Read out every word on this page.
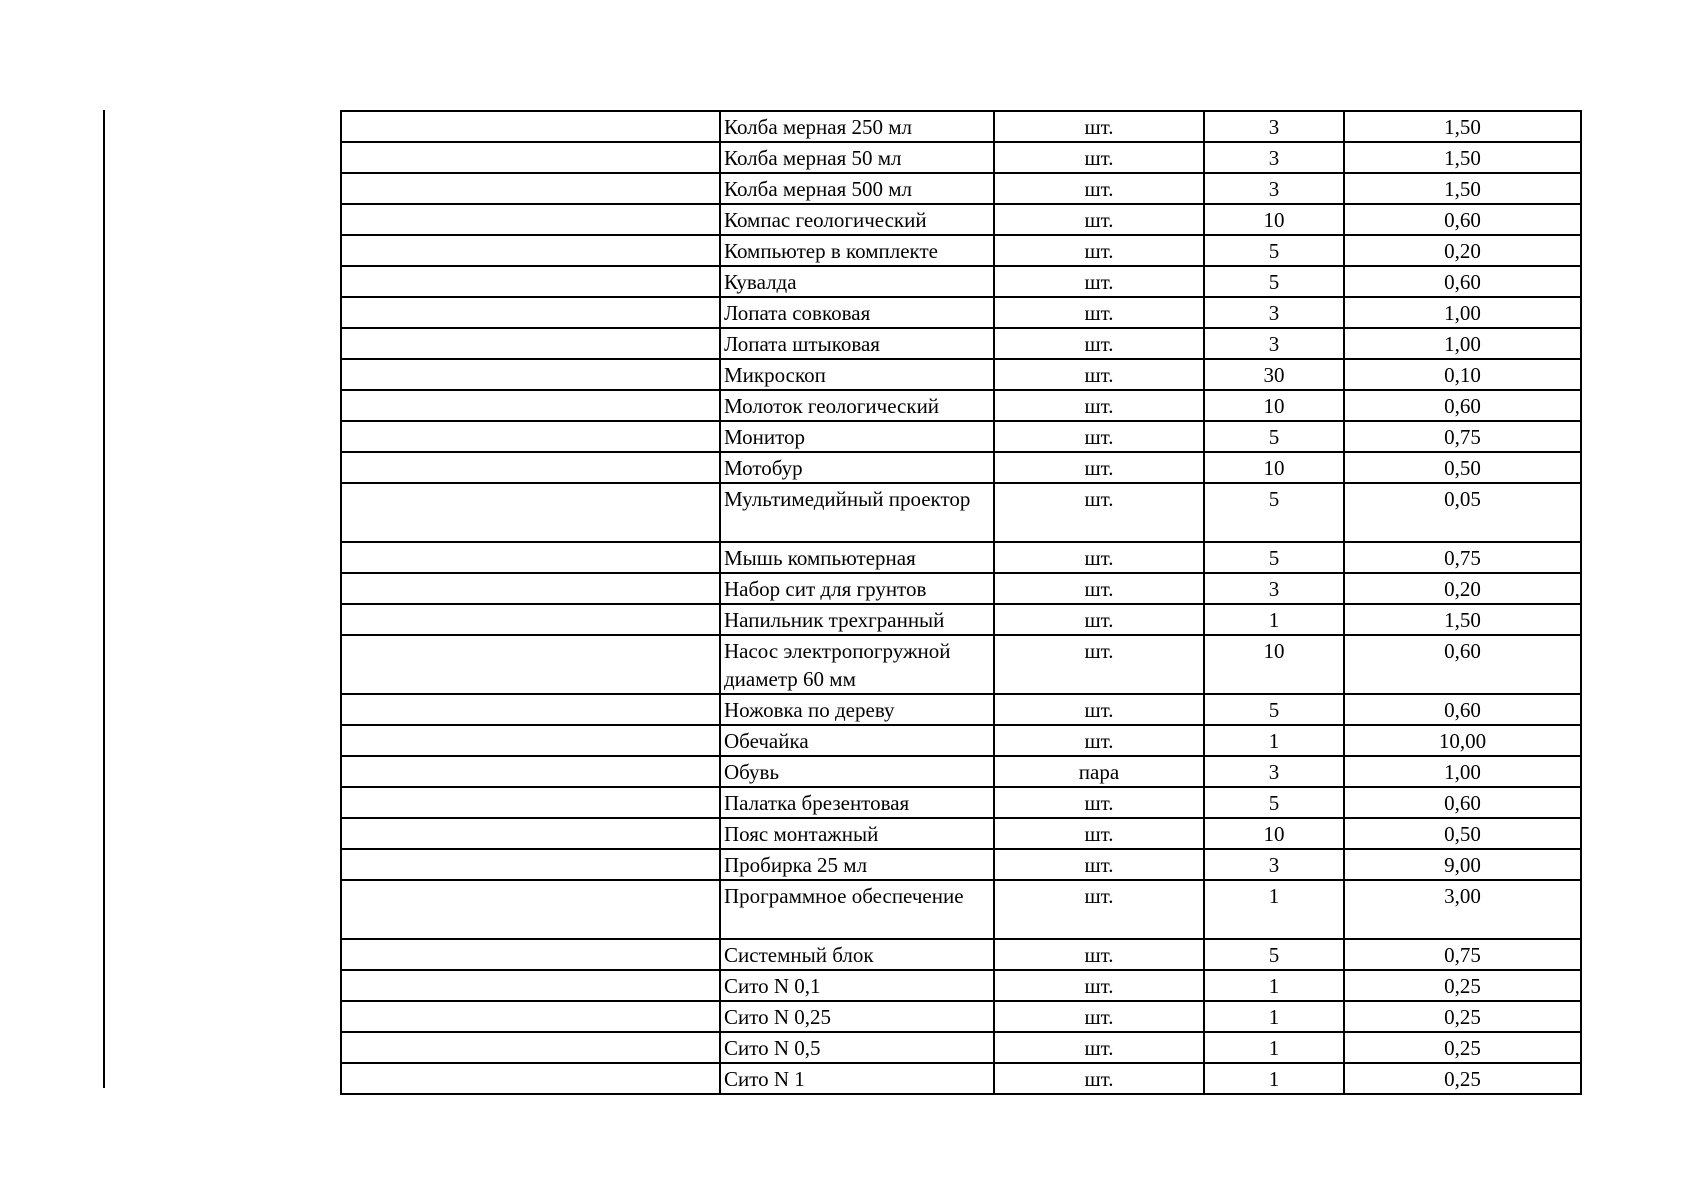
	Колба мерная 250 мл	шт.	3	1,50
	Колба мерная 50 мл	шт.	3	1,50
	Колба мерная 500 мл	шт.	3	1,50
	Компас геологический	шт.	10	0,60
	Компьютер в комплекте	шт.	5	0,20
	Кувалда	шт.	5	0,60
	Лопата совковая	шт.	3	1,00
	Лопата штыковая	шт.	3	1,00
	Микроскоп	шт.	30	0,10
	Молоток геологический	шт.	10	0,60
	Монитор	шт.	5	0,75
	Мотобур	шт.	10	0,50
	Мультимедийный проектор	шт.	5	0,05
	Мышь компьютерная	шт.	5	0,75
	Набор сит для грунтов	шт.	3	0,20
	Напильник трехгранный	шт.	1	1,50
	Насос электропогружной диаметр 60 мм	шт.	10	0,60
	Ножовка по дереву	шт.	5	0,60
	Обечайка	шт.	1	10,00
	Обувь	пара	3	1,00
	Палатка брезентовая	шт.	5	0,60
	Пояс монтажный	шт.	10	0,50
	Пробирка 25 мл	шт.	3	9,00
	Программное обеспечение	шт.	1	3,00
	Системный блок	шт.	5	0,75
	Сито N 0,1	шт.	1	0,25
	Сито N 0,25	шт.	1	0,25
	Сито N 0,5	шт.	1	0,25
	Сито N 1	шт.	1	0,25
